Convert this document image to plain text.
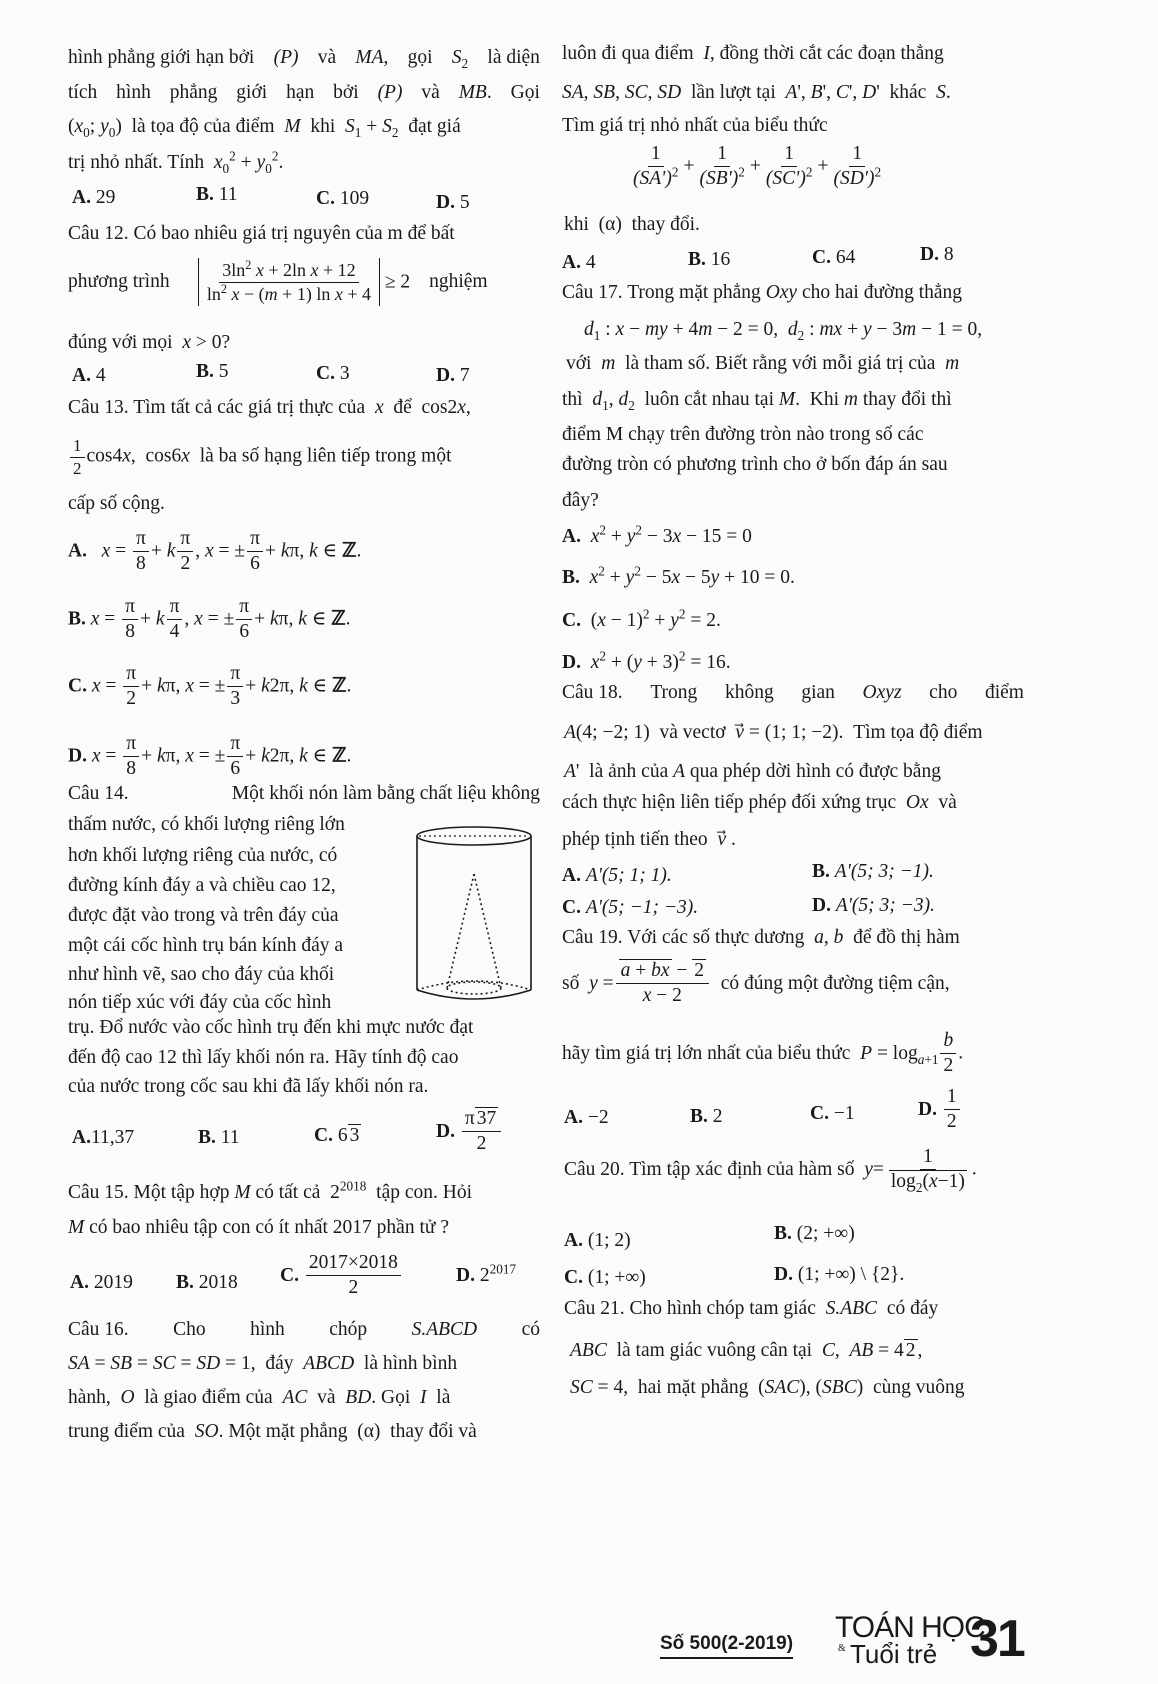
hình phẳng giới hạn bởi (P) và MA, gọi $S_2$ là diện
tích hình phẳng giới hạn bởi (P) và MB. Gọi
($x_0$; $y_0$)  là tọa độ của điểm M  khi  $S_1 + S_2$  đạt giá
trị nhỏ nhất. Tính $x_0^2 + y_0^2$.
A. 29	B. 11	C. 109	D. 5
Câu 12. Có bao nhiêu giá trị nguyên của m để bất
phương trình $\frac{3\ln^2 x + 2\ln x + 12}{\ln^2 x - (m + 1) \ln x + 4} \ge 2$ nghiệm
đúng với mọi  x > 0?
A. 4	B. 5	C. 3	D. 7
Câu 13. Tìm tất cả các giá trị thực của  x  để  cos2x,
$\frac{1}{2} \cos 4x$,  cos6x  là ba số hạng liên tiếp trong một
cấp số cộng.
A. $x = \frac{\pi}{8} + k \frac{\pi}{2}$ , x = ± $\frac{\pi}{6} + k\pi$, k ∈ ℤ.
B. $x = \frac{\pi}{8} + k \frac{\pi}{4}$ , x = ± $\frac{\pi}{6} + k\pi$, k ∈ ℤ.
C. $x = \frac{\pi}{2} + k\pi$, x = ± $\frac{\pi}{3} + k2\pi$, k ∈ ℤ.
D. $x = \frac{\pi}{8} + k\pi$, x = ± $\frac{\pi}{6} + k2\pi$, k ∈ ℤ.
Câu 14.	Một khối nón làm bằng chất liệu không
thấm nước, có khối lượng riêng lớn
hơn khối lượng riêng của nước, có
đường kính đáy a và chiều cao 12,
được đặt vào trong và trên đáy của
một cái cốc hình trụ bán kính đáy a
như hình vẽ, sao cho đáy của khối
nón tiếp xúc với đáy của cốc hình
trụ. Đổ nước vào cốc hình trụ đến khi mực nước đạt
đến độ cao 12 thì lấy khối nón ra. Hãy tính độ cao
của nước trong cốc sau khi đã lấy khối nón ra.
A.11,37	B. 11	C. 6 3	D. $\frac{\pi 37}{2}$
Câu 15. Một tập hợp M có tất cả  $2^{2018}$  tập con. Hỏi
M có bao nhiêu tập con có ít nhất 2017 phần tử ?
A. 2019 B. 2018 C. $\frac{2017\times 2018}{2}$	D. $2^{2017}$
Câu 16. Cho hình chóp S.ABCD có
SA = SB = SC = SD = 1,  đáy  ABCD  là hình bình
hành,  O  là giao điểm của  AC  và  BD. Gọi  I  là
trung điểm của  SO. Một mặt phẳng  (α)  thay đổi và
luôn đi qua điểm  I, đồng thời cắt các đoạn thẳng
SA, SB, SC, SD  lần lượt tại  A', B', C', D'  khác  S.
Tìm giá trị nhỏ nhất của biểu thức
$\frac{1}{(SA')^2} + \frac{1}{(SB')^2} + \frac{1}{(SC')^2} + \frac{1}{(SD')^2}$
khi  (α)  thay đổi.
A. 4	B. 16	C. 64	D. 8
Câu 17. Trong mặt phẳng Oxy cho hai đường thẳng
$d_1$ : x − my + 4m − 2 = 0,  $d_2$ : mx + y − 3m − 1 = 0,
với  m  là tham số. Biết rằng với mỗi giá trị của  m
thì  $d_1$, $d_2$  luôn cắt nhau tại M.  Khi m thay đổi thì
điểm M chạy trên đường tròn nào trong số các
đường tròn có phương trình cho ở bốn đáp án sau
đây?
A. $x^2 + y^2 - 3x - 15 = 0$
B. $x^2 + y^2 - 5x - 5y + 10 = 0$.
C.  $(x - 1)^2 + y^2 = 2$.
D. $x^2 + (y + 3)^2 = 16$.
Câu 18. Trong không gian Oxyz cho điểm
A(4; −2; 1)  và vectơ  v⃗ = (1; 1; −2).  Tìm tọa độ điểm
A'  là ảnh của A qua phép dời hình có được bằng
cách thực hiện liên tiếp phép đối xứng trục  Ox  và
phép tịnh tiến theo  v⃗ .
A. A'(5; 1; 1).	B. A'(5; 3; −1).
C. A'(5; −1; −3).	D. A'(5; 3; −3).
Câu 19. Với các số thực dương  a, b  để đồ thị hàm
số  $y = \frac{a + bx - 2}{x - 2}$ có đúng một đường tiệm cận,
hãy tìm giá trị lớn nhất của biểu thức  $P = \log_{a+1} \frac{b}{2}$ .
A. −2	B. 2	C. −1	D. $\frac{1}{2}$
Câu 20. Tìm tập xác định của hàm số $y= \frac{1}{\log_2(x-1)}$ .
A. (1; 2)	B. (2; +∞)
C. (1; +∞)	D. (1; +∞) \ {2}.
Câu 21. Cho hình chóp tam giác  S.ABC  có đáy
ABC  là tam giác vuông cân tại  C,  AB = 4 2 ,
SC = 4,  hai mặt phẳng  (SAC), (SBC)  cùng vuông
Số 500(2-2019) TOÁN HỌC
& Tuổi trẻ 31
